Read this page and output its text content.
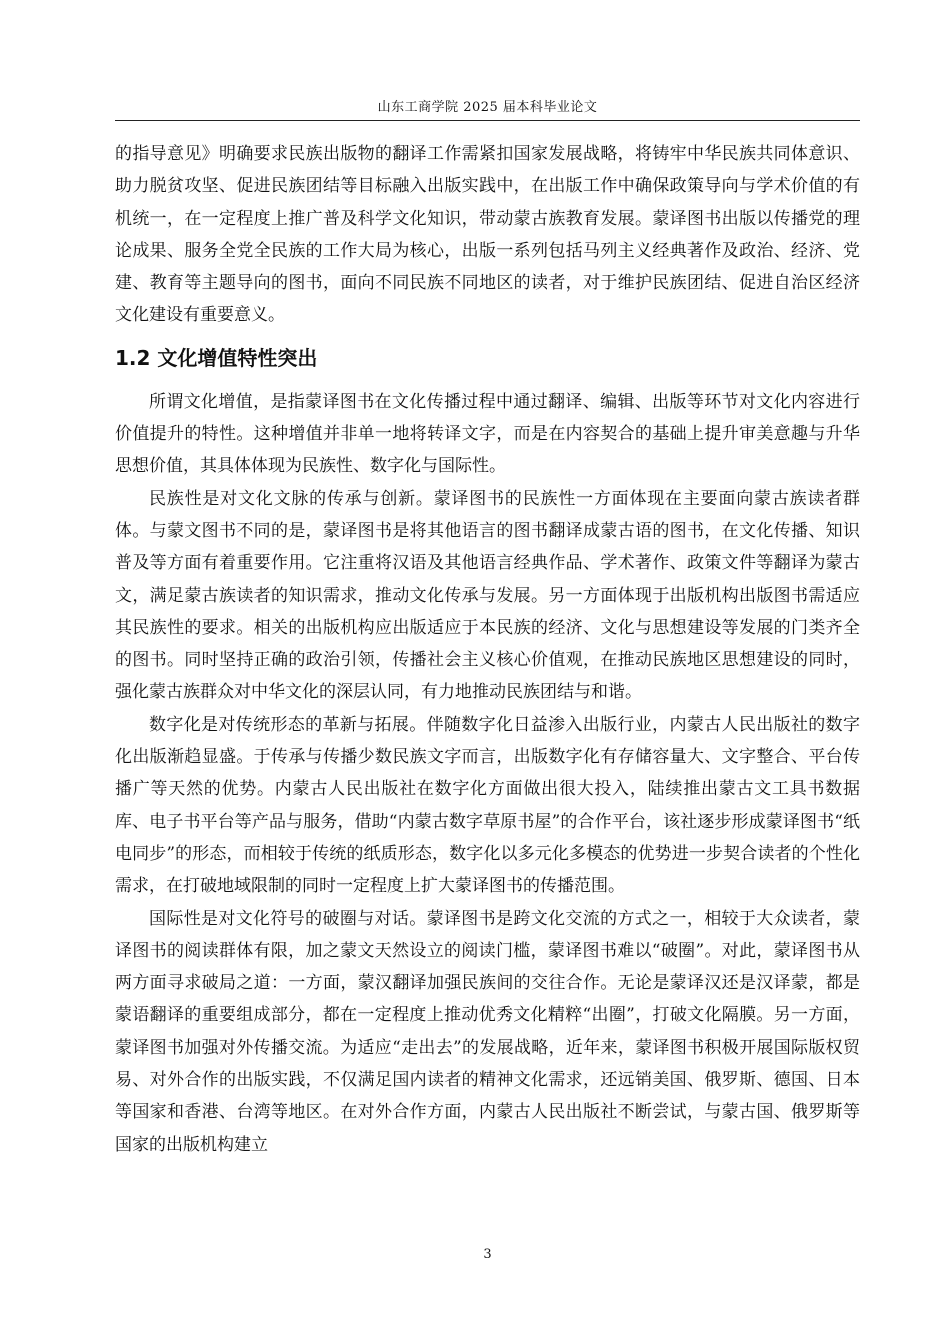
山东工商学院 2025 届本科毕业论文

的指导意见》明确要求民族出版物的翻译工作需紧扣国家发展战略，将铸牢中华民族共同体意识、助力脱贫攻坚、促进民族团结等目标融入出版实践中，在出版工作中确保政策导向与学术价值的有机统一，在一定程度上推广普及科学文化知识，带动蒙古族教育发展。蒙译图书出版以传播党的理论成果、服务全党全民族的工作大局为核心，出版一系列包括马列主义经典著作及政治、经济、党建、教育等主题导向的图书，面向不同民族不同地区的读者，对于维护民族团结、促进自治区经济文化建设有重要意义。

1.2 文化增值特性突出

所谓文化增值，是指蒙译图书在文化传播过程中通过翻译、编辑、出版等环节对文化内容进行价值提升的特性。这种增值并非单一地将转译文字，而是在内容契合的基础上提升审美意趣与升华思想价值，其具体体现为民族性、数字化与国际性。

民族性是对文化文脉的传承与创新。蒙译图书的民族性一方面体现在主要面向蒙古族读者群体。与蒙文图书不同的是，蒙译图书是将其他语言的图书翻译成蒙古语的图书，在文化传播、知识普及等方面有着重要作用。它注重将汉语及其他语言经典作品、学术著作、政策文件等翻译为蒙古文，满足蒙古族读者的知识需求，推动文化传承与发展。另一方面体现于出版机构出版图书需适应其民族性的要求。相关的出版机构应出版适应于本民族的经济、文化与思想建设等发展的门类齐全的图书。同时坚持正确的政治引领，传播社会主义核心价值观，在推动民族地区思想建设的同时，强化蒙古族群众对中华文化的深层认同，有力地推动民族团结与和谐。

数字化是对传统形态的革新与拓展。伴随数字化日益渗入出版行业，内蒙古人民出版社的数字化出版渐趋显盛。于传承与传播少数民族文字而言，出版数字化有存储容量大、文字整合、平台传播广等天然的优势。内蒙古人民出版社在数字化方面做出很大投入，陆续推出蒙古文工具书数据库、电子书平台等产品与服务，借助“内蒙古数字草原书屋”的合作平台，该社逐步形成蒙译图书“纸电同步”的形态，而相较于传统的纸质形态，数字化以多元化多模态的优势进一步契合读者的个性化需求，在打破地域限制的同时一定程度上扩大蒙译图书的传播范围。

国际性是对文化符号的破圈与对话。蒙译图书是跨文化交流的方式之一，相较于大众读者，蒙译图书的阅读群体有限，加之蒙文天然设立的阅读门槛，蒙译图书难以“破圈”。对此，蒙译图书从两方面寻求破局之道：一方面，蒙汉翻译加强民族间的交往合作。无论是蒙译汉还是汉译蒙，都是蒙语翻译的重要组成部分，都在一定程度上推动优秀文化精粹“出圈”，打破文化隔膜。另一方面，蒙译图书加强对外传播交流。为适应“走出去”的发展战略，近年来，蒙译图书积极开展国际版权贸易、对外合作的出版实践，不仅满足国内读者的精神文化需求，还远销美国、俄罗斯、德国、日本等国家和香港、台湾等地区。在对外合作方面，内蒙古人民出版社不断尝试，与蒙古国、俄罗斯等国家的出版机构建立

3
